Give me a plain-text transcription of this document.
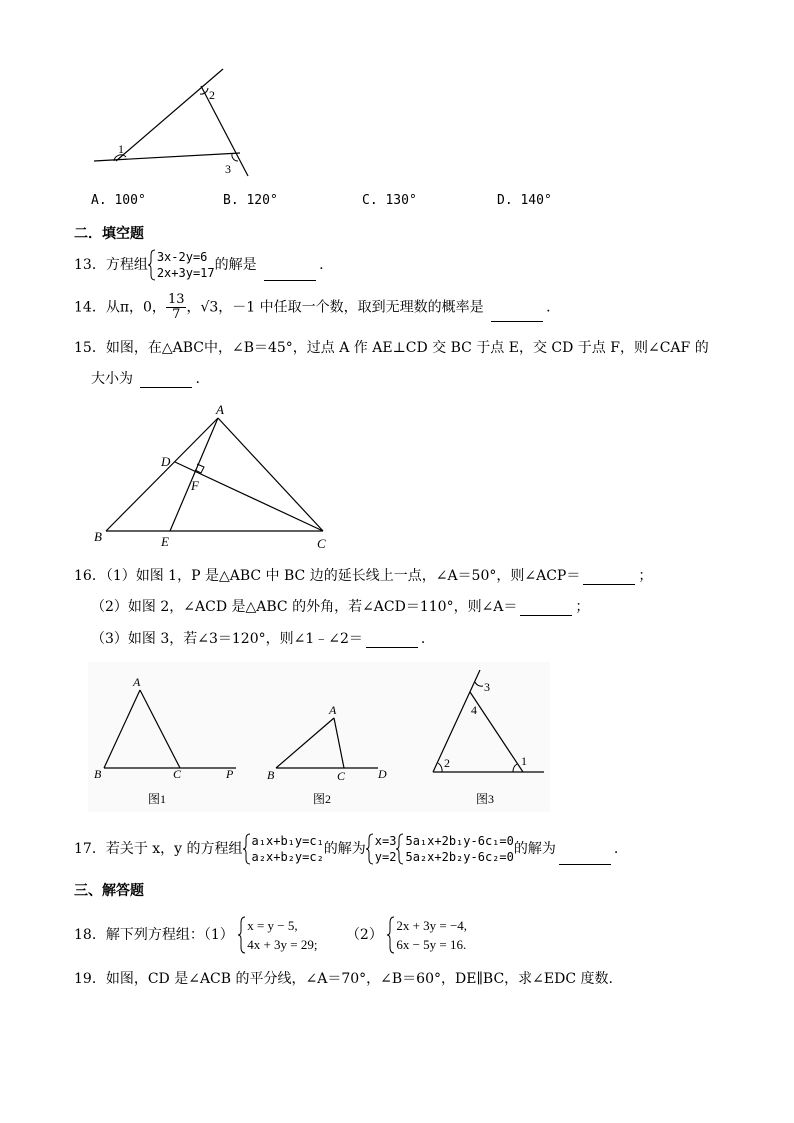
1
2
3
A. 100°	B. 120°	C. 130°	D. 140°
二．填空题
13．方程组 3x-2y=6
2x+3y=17 的解是	.
14．从π，0， $\frac{13}{7}$ ，√3，－1 中任取一个数，取到无理数的概率是	.
15．如图，在△ABC中，∠B＝45°，过点 A 作 AE⊥CD 交 BC 于点 E，交 CD 于点 F，则∠CAF 的
大小为	.
A
D
F
B	E	C
16．（1）如图 1，P 是△ABC 中 BC 边的延长线上一点，∠A＝50°，则∠ACP＝	；
（2）如图 2，∠ACD 是△ABC 的外角，若∠ACD＝110°，则∠A＝	；
（3）如图 3，若∠3＝120°，则∠1﹣∠2＝	.
A
B	C	P
图1
A
B	C	D
图2
3
4
2	1
图3
17．若关于 x，y 的方程组 a₁x+b₁y=c₁
a₂x+b₂y=c₂ 的解为 x=3
y=2
5a₁x+2b₁y-6c₁=0
5a₂x+2b₂y-6c₂=0 的解为	.
三、解答题
18．解下列方程组：（1）
x = y − 5,
4x + 3y = 29;
（2）
2x + 3y = −4,
6x − 5y = 16.
19．如图，CD 是∠ACB 的平分线，∠A＝70°，∠B＝60°，DE∥BC，求∠EDC 度数.
